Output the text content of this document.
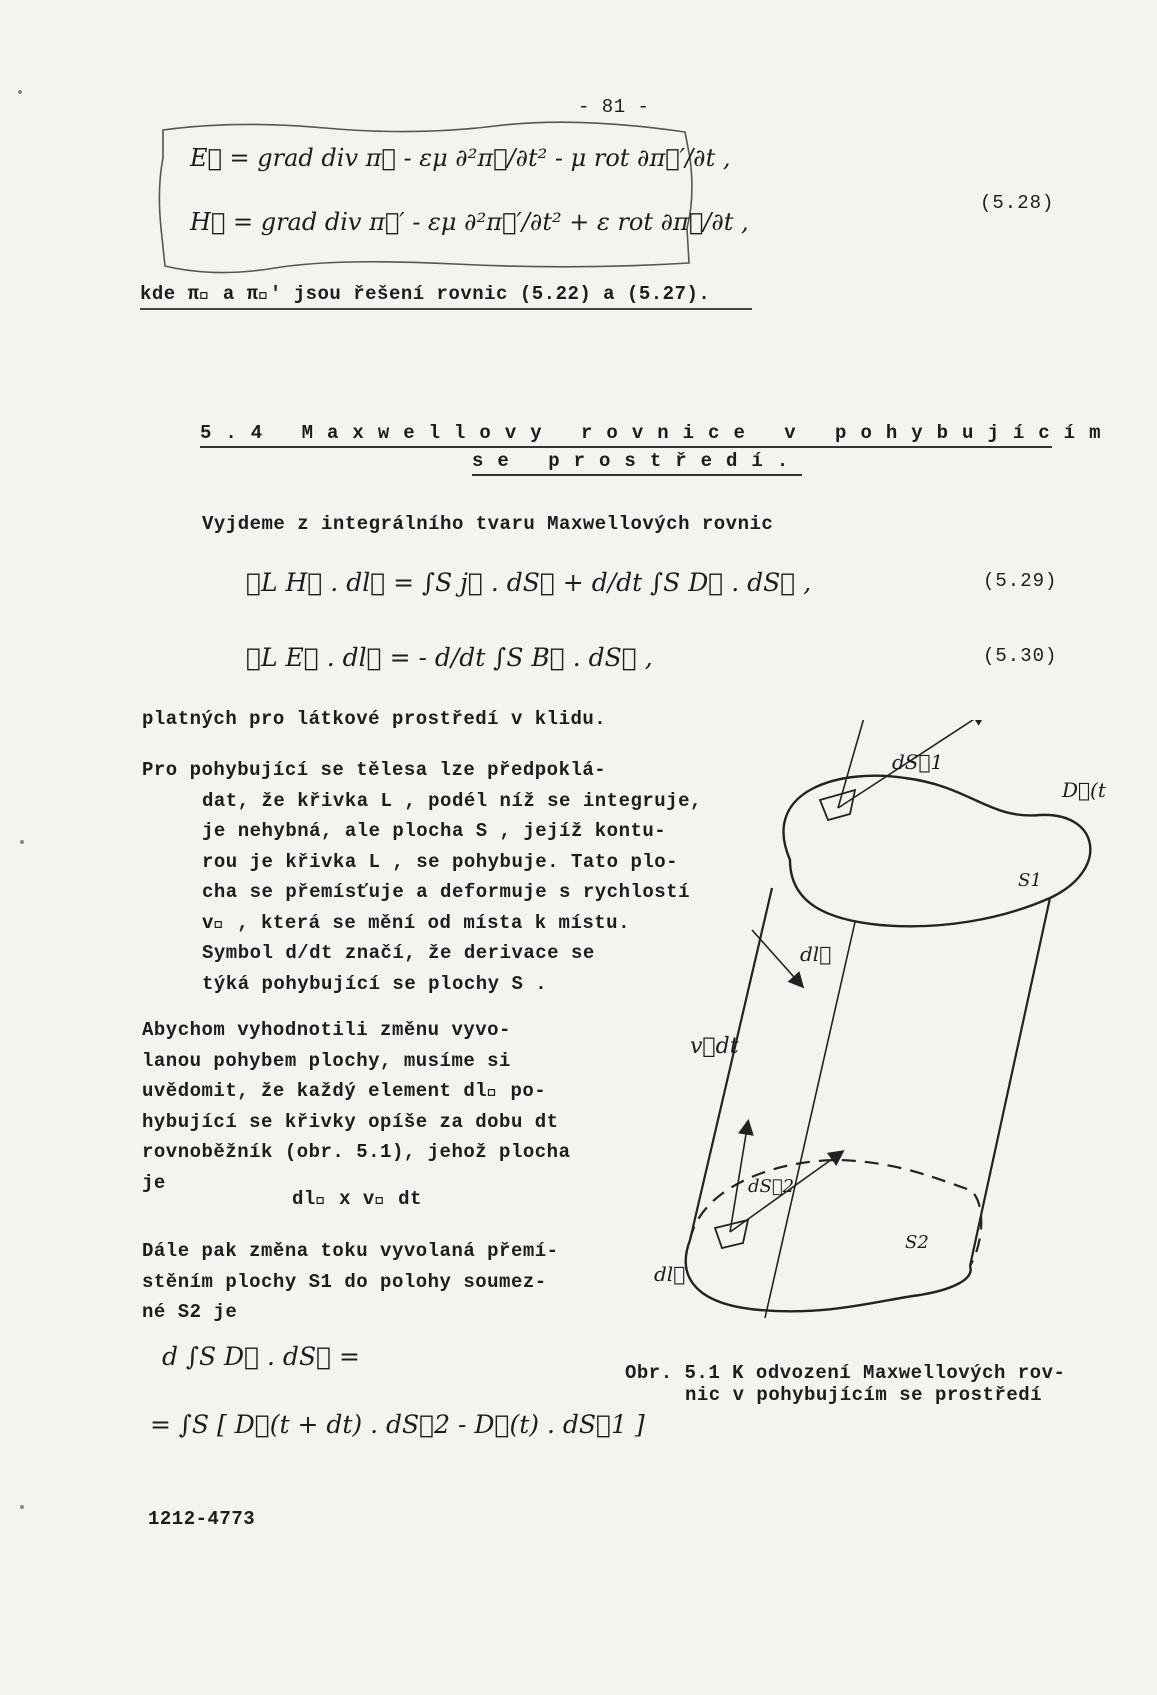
- 81 -
E⃗ = grad div π⃗ - εμ ∂²π⃗/∂t² - μ rot ∂π⃗′/∂t ,
H⃗ = grad div π⃗′ - εμ ∂²π⃗′/∂t² + ε rot ∂π⃗/∂t ,
(5.28)
kde π⃗ a π⃗′ jsou řešení rovnic (5.22) a (5.27).
5.4 Maxwellovy rovnice v pohybujícím
se prostředí.
Vyjdeme z integrálního tvaru Maxwellových rovnic
∮L H⃗ . dl⃗ = ∫S j⃗ . dS⃗ + d/dt ∫S D⃗ . dS⃗ ,	(5.29)
∮L E⃗ . dl⃗ = - d/dt ∫S B⃗ . dS⃗ ,	(5.30)
platných pro látkové prostředí v klidu.
Pro pohybující se tělesa lze předpoklá-
dat, že křivka L , podél níž se integruje,
je nehybná, ale plocha S , jejíž kontu-
rou je křivka L , se pohybuje. Tato plo-
cha se přemísťuje a deformuje s rychlostí
v⃗ , která se mění od místa k místu.
Symbol d/dt značí, že derivace se
týká pohybující se plochy S .
Abychom vyhodnotili změnu vyvo-
lanou pohybem plochy, musíme si
uvědomit, že každý element dl⃗ po-
hybující se křivky opíše za dobu dt
rovnoběžník (obr. 5.1), jehož plocha
je
dl⃗ x v⃗ dt
Dále pak změna toku vyvolaná přemí-
stěním plochy S1 do polohy soumez-
né S2 je
d ∫S D⃗ . dS⃗ =
= ∫S [ D⃗(t + dt) . dS⃗2 - D⃗(t) . dS⃗1 ]
1212-4773
dS⃗1
D⃗(t
S1
dl⃗
v⃗dt
dS⃗2
S2
dl⃗
Obr. 5.1 K odvození Maxwellových rov-
nic v pohybujícím se prostředí
